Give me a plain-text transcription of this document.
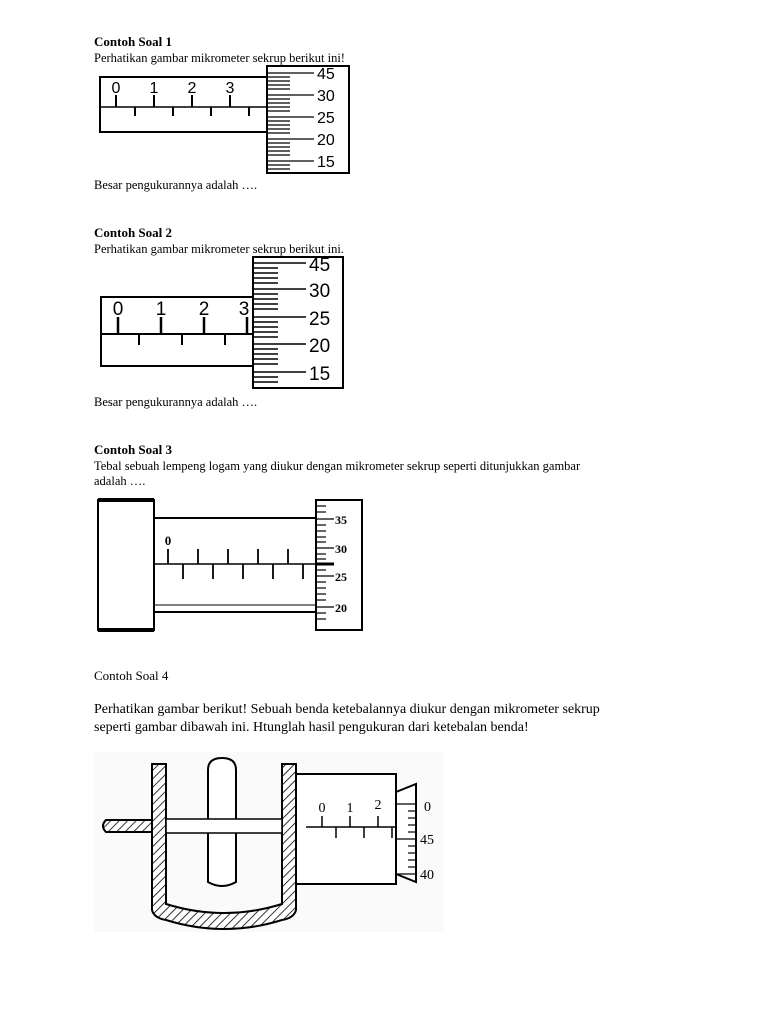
Contoh Soal 1
Perhatikan gambar mikrometer sekrup berikut ini!
0 1 2 3
45
30
25
20
15
Besar pengukurannya adalah ….
Contoh Soal 2
Perhatikan gambar mikrometer sekrup berikut ini.
0 1 2 3
45
30
25
20
15
Besar pengukurannya adalah ….
Contoh Soal 3
Tebal sebuah lempeng logam yang diukur dengan mikrometer sekrup seperti ditunjukkan gambar
adalah ….
0
35
30
25
20
Contoh Soal 4
Perhatikan gambar berikut! Sebuah benda ketebalannya diukur dengan mikrometer sekrup
seperti gambar dibawah ini. Htunglah hasil pengukuran dari ketebalan benda!
0 1 2	0
45
40
